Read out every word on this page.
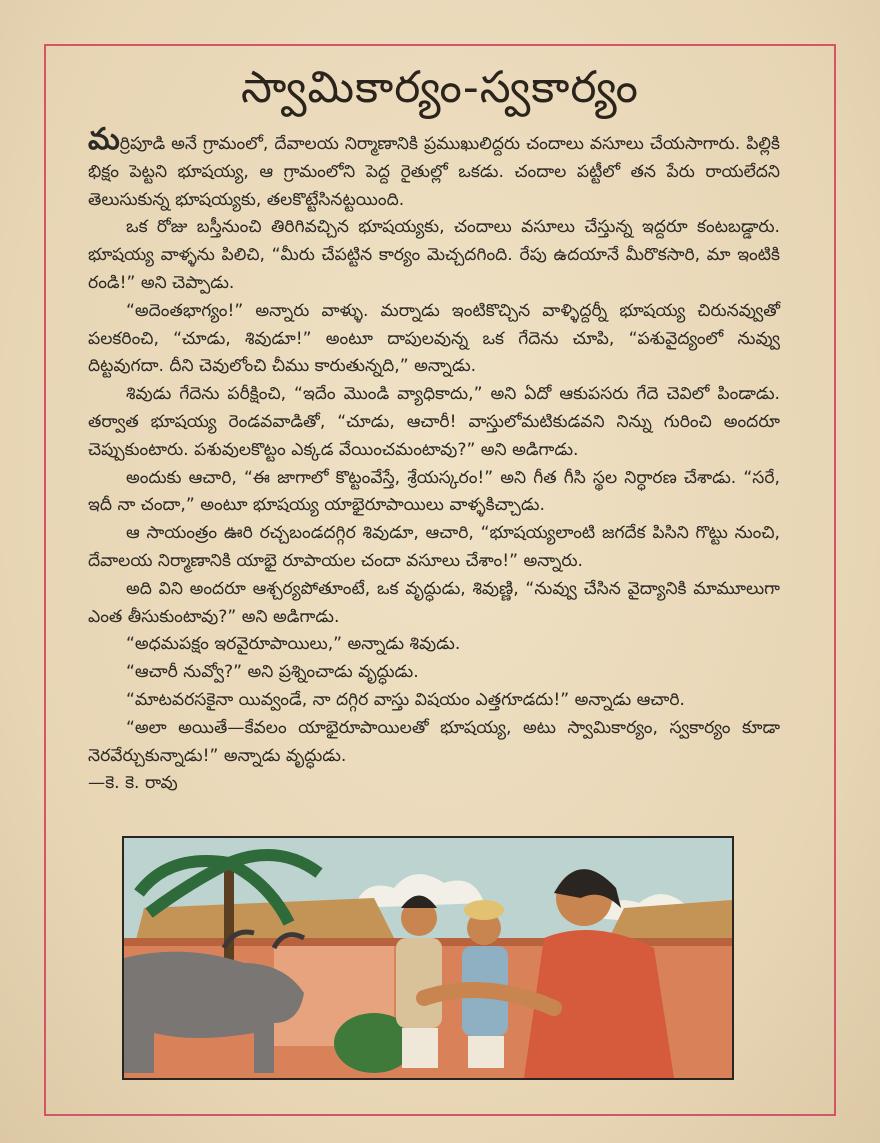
స్వామికార్యం-స్వకార్యం

మర్రిపూడి అనే గ్రామంలో, దేవాలయ నిర్మాణానికి ప్రముఖులిద్దరు చందాలు వసూలు చేయసాగారు. పిల్లికి భిక్షం పెట్టని భూషయ్య, ఆ గ్రామంలోని పెద్ద రైతుల్లో ఒకడు. చందాల పట్టీలో తన పేరు రాయలేదని తెలుసుకున్న భూషయ్యకు, తలకొట్టేసినట్టయింది.

ఒక రోజు బస్తీనుంచి తిరిగివచ్చిన భూషయ్యకు, చందాలు వసూలు చేస్తున్న ఇద్దరూ కంటబడ్డారు. భూషయ్య వాళ్ళను పిలిచి, “మీరు చేపట్టిన కార్యం మెచ్చదగింది. రేపు ఉదయానే మీరొకసారి, మా ఇంటికి రండి!” అని చెప్పాడు.

“అదెంతభాగ్యం!” అన్నారు వాళ్ళు. మర్నాడు ఇంటికొచ్చిన వాళ్ళిద్దర్నీ భూషయ్య చిరునవ్వుతో పలకరించి, “చూడు, శివుడూ!” అంటూ దాపులవున్న ఒక గేదెను చూపి, “పశువైద్యంలో నువ్వు దిట్టవుగదా. దీని చెవులోంచి చీము కారుతున్నది,” అన్నాడు.

శివుడు గేదెను పరీక్షించి, “ఇదేం మొండి వ్యాధికాదు,” అని ఏదో ఆకుపసరు గేదె చెవిలో పిండాడు. తర్వాత భూషయ్య రెండవవాడితో, “చూడు, ఆచారీ! వాస్తులోమటికుడవని నిన్ను గురించి అందరూ చెప్పుకుంటారు. పశువులకొట్టం ఎక్కడ వేయించమంటావు?” అని అడిగాడు.

అందుకు ఆచారి, “ఈ జాగాలో కొట్టంవేస్తే, శ్రేయస్కరం!” అని గీత గీసి స్థల నిర్ధారణ చేశాడు. “సరే, ఇదీ నా చందా,” అంటూ భూషయ్య యాభైరూపాయిలు వాళ్ళకిచ్చాడు.

ఆ సాయంత్రం ఊరి రచ్చబండదగ్గిర శివుడూ, ఆచారి, “భూషయ్యలాంటి జగదేక పిసిని గొట్టు నుంచి, దేవాలయ నిర్మాణానికి యాభై రూపాయల చందా వసూలు చేశాం!” అన్నారు.

అది విని అందరూ ఆశ్చర్యపోతూంటే, ఒక వృద్ధుడు, శివుణ్ణి, “నువ్వు చేసిన వైద్యానికి మామూలుగా ఎంత తీసుకుంటావు?” అని అడిగాడు.

“అధమపక్షం ఇరవైరూపాయిలు,” అన్నాడు శివుడు.

“ఆచారీ నువ్వో?” అని ప్రశ్నించాడు వృద్ధుడు.

“మాటవరసకైనా యివ్వండే, నా దగ్గిర వాస్తు విషయం ఎత్తగూడదు!” అన్నాడు ఆచారి.

“అలా అయితే—కేవలం యాభైరూపాయిలతో భూషయ్య, అటు స్వామికార్యం, స్వకార్యం కూడా నెరవేర్చుకున్నాడు!” అన్నాడు వృద్ధుడు.

—కె. కె. రావు
